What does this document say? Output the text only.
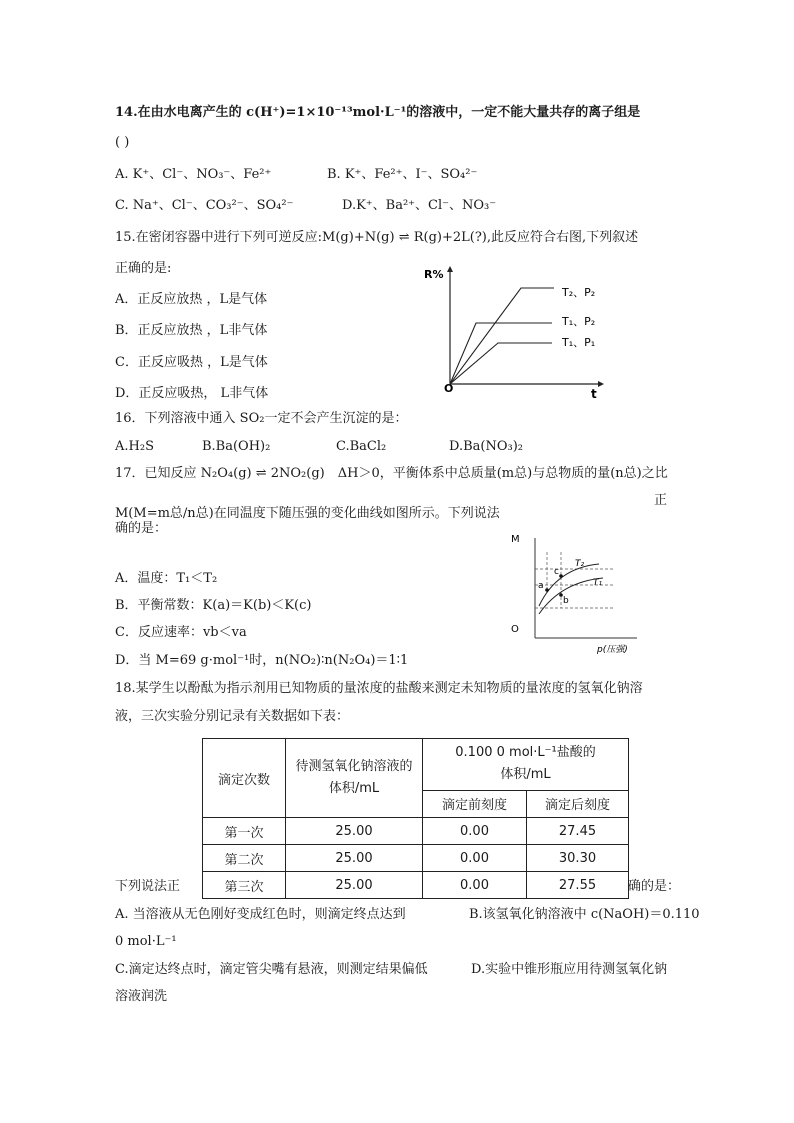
14.在由水电离产生的 c(H⁺)=1×10⁻¹³mol·L⁻¹的溶液中，一定不能大量共存的离子组是
( )
A. K⁺、Cl⁻、NO₃⁻、Fe²⁺	B. K⁺、Fe²⁺、I⁻、SO₄²⁻
C. Na⁺、Cl⁻、CO₃²⁻、SO₄²⁻	D.K⁺、Ba²⁺、Cl⁻、NO₃⁻
15.在密闭容器中进行下列可逆反应:M(g)+N(g) ⇌ R(g)+2L(?),此反应符合右图,下列叙述
正确的是:
A．正反应放热 ，L是气体
B．正反应放热 ，L非气体
C．正反应吸热 ，L是气体
D．正反应吸热， L非气体
R%
t
O
T₂、P₂
T₁、P₂
T₁、P₁
16．下列溶液中通入 SO₂一定不会产生沉淀的是：
A.H₂S	B.Ba(OH)₂	C.BaCl₂	D.Ba(NO₃)₂
17．已知反应 N₂O₄(g) ⇌ 2NO₂(g)　ΔH＞0，平衡体系中总质量(m总)与总物质的量(n总)之比
M(M=m总/n总)在同温度下随压强的变化曲线如图所示。下列说法
正
确的是：
A．温度：T₁＜T₂
B．平衡常数：K(a)＝K(b)＜K(c)
C．反应速率：vb＜va
D．当 M=69 g·mol⁻¹时，n(NO₂)∶n(N₂O₄)＝1∶1
M
O
p(压强)
T₂
T₁
a
b
c
18.某学生以酚酞为指示剂用已知物质的量浓度的盐酸来测定未知物质的量浓度的氢氧化钠溶
液，三次实验分别记录有关数据如下表：
滴定次数	待测氢氧化钠溶液的体积/mL	0.100 0 mol·L⁻¹盐酸的体积/mL	
		滴定前刻度	滴定后刻度
第一次	25.00	0.00	27.45
第二次	25.00	0.00	30.30
第三次	25.00	0.00	27.55
下列说法正	确的是：
A. 当溶液从无色刚好变成红色时，则滴定终点达到	B.该氢氧化钠溶液中 c(NaOH)＝0.110
0 mol·L⁻¹
C.滴定达终点时，滴定管尖嘴有悬液，则测定结果偏低	D.实验中锥形瓶应用待测氢氧化钠
溶液润洗
